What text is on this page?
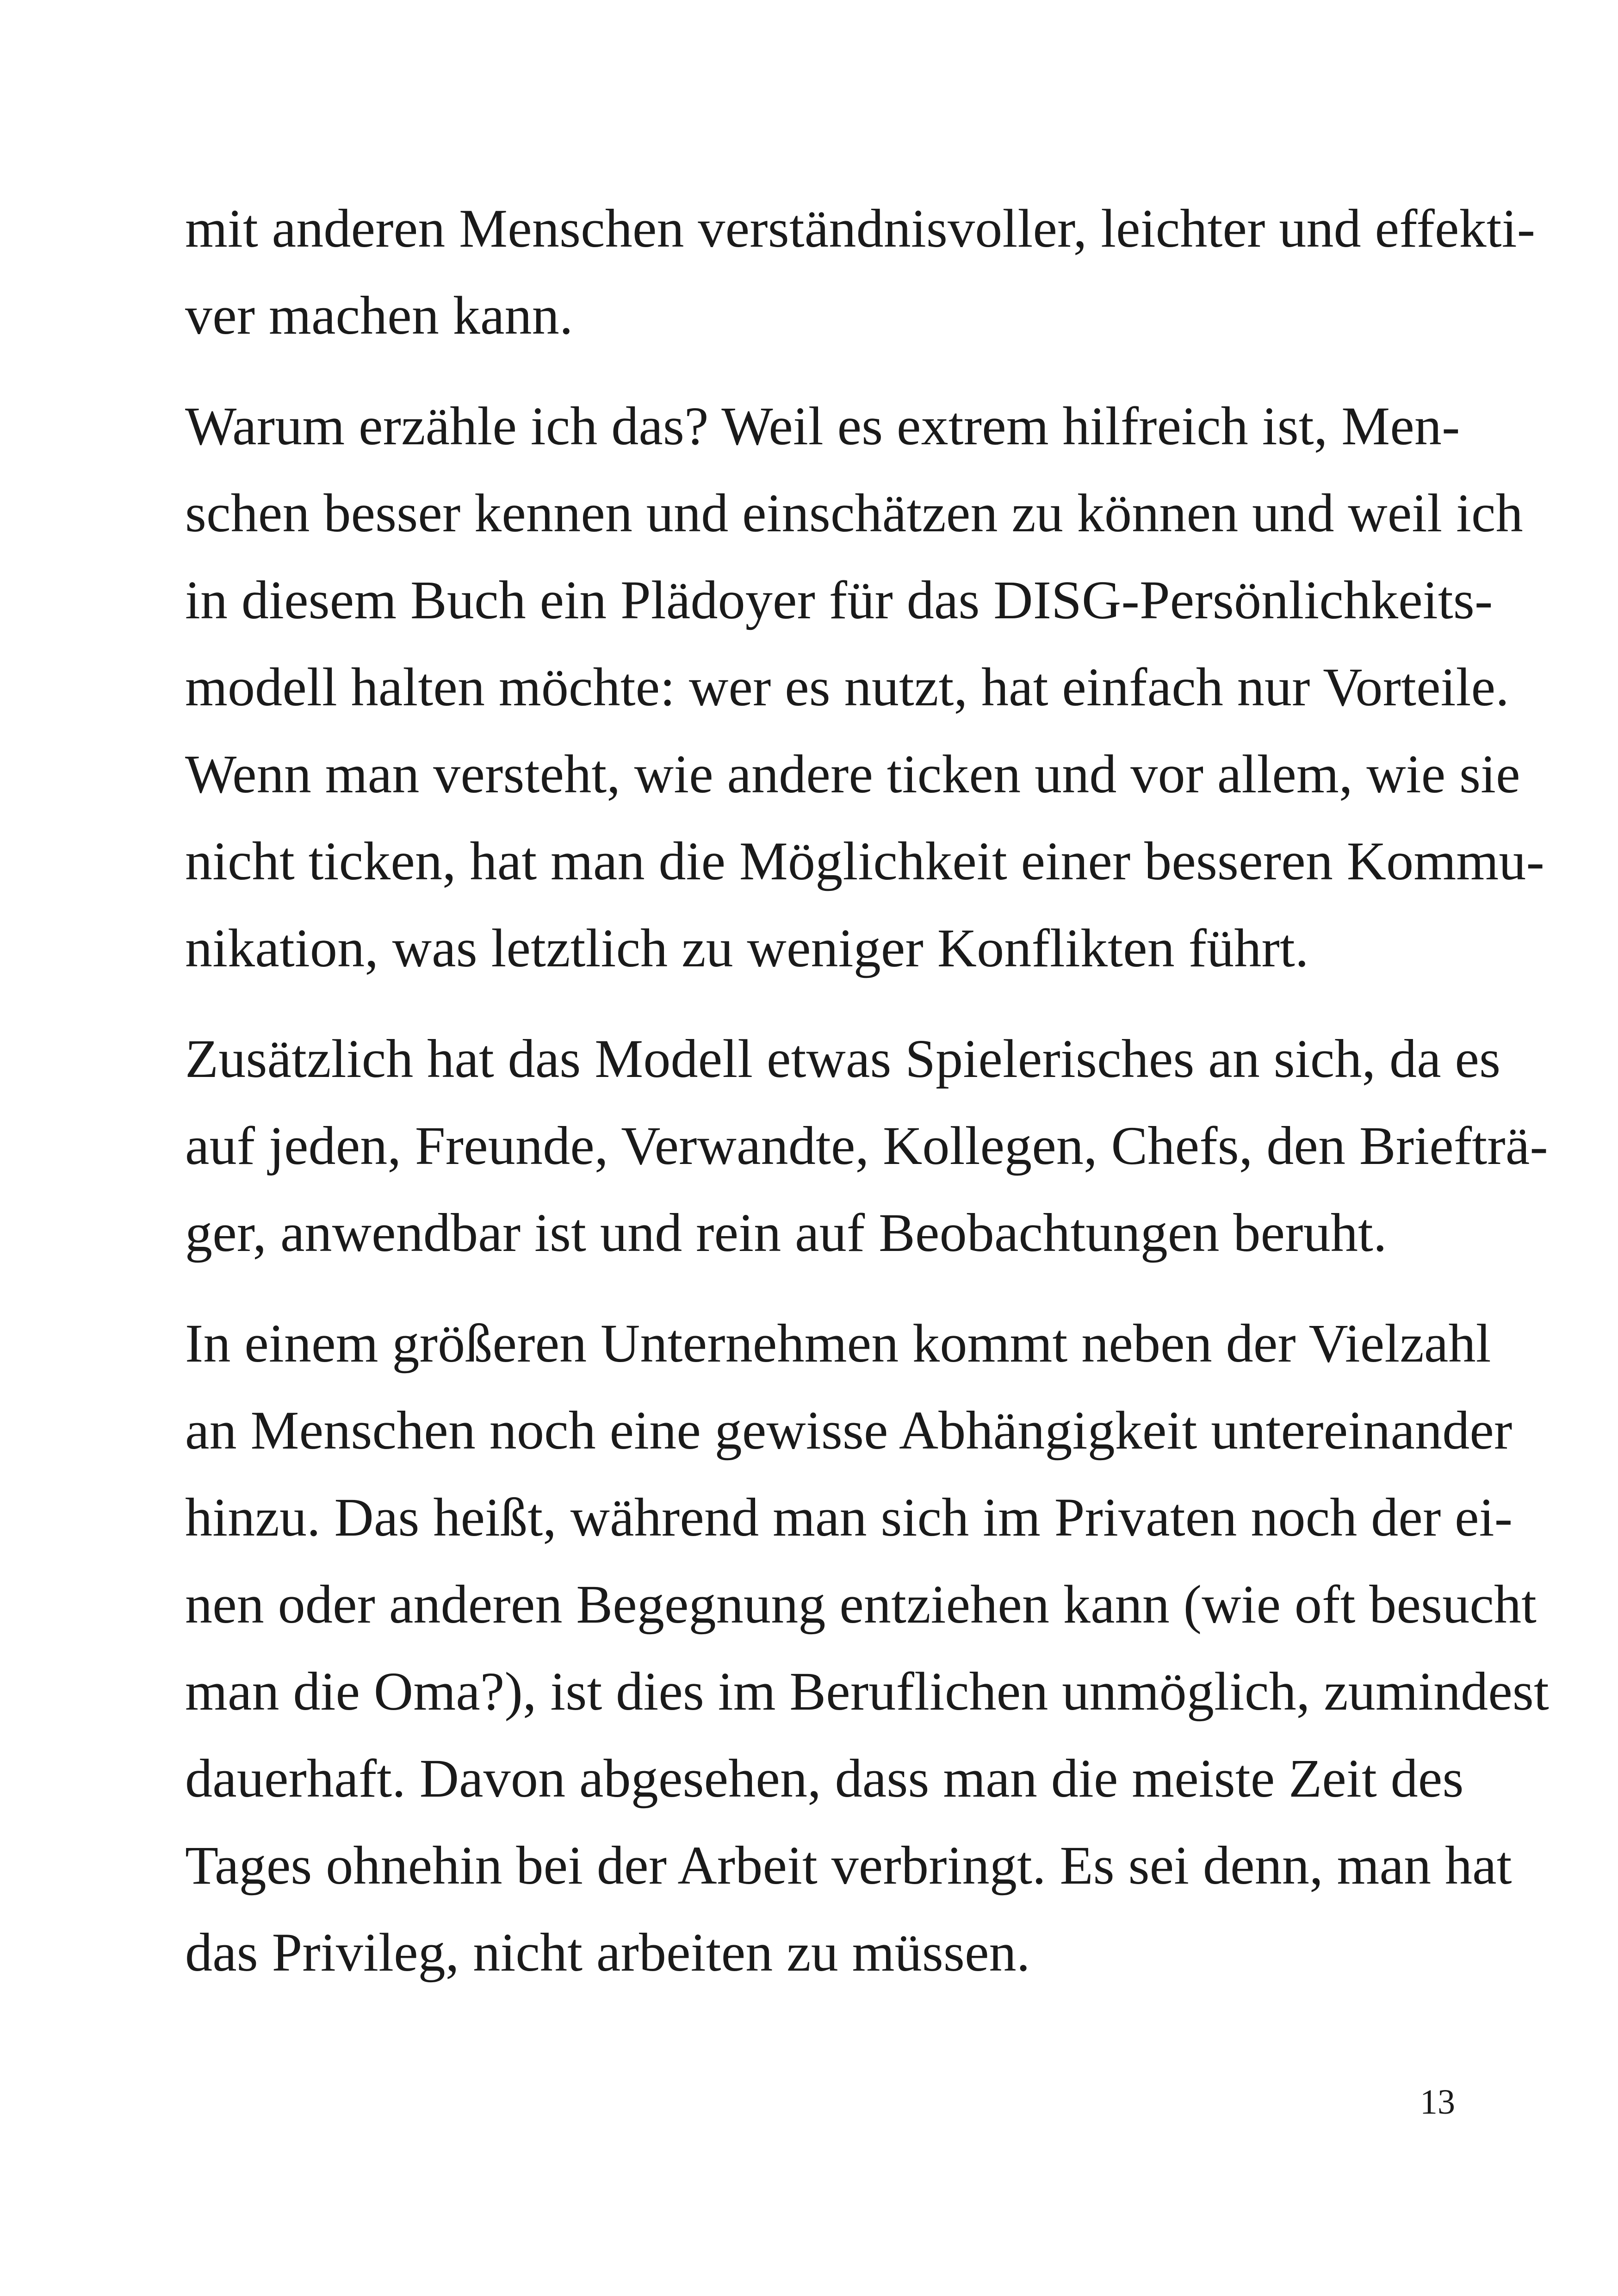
mit anderen Menschen verständnisvoller, leichter und effekti-
ver machen kann.
Warum erzähle ich das? Weil es extrem hilfreich ist, Men-
schen besser kennen und einschätzen zu können und weil ich
in diesem Buch ein Plädoyer für das DISG-Persönlichkeits-
modell halten möchte: wer es nutzt, hat einfach nur Vorteile.
Wenn man versteht, wie andere ticken und vor allem, wie sie
nicht ticken, hat man die Möglichkeit einer besseren Kommu-
nikation, was letztlich zu weniger Konflikten führt.
Zusätzlich hat das Modell etwas Spielerisches an sich, da es
auf jeden, Freunde, Verwandte, Kollegen, Chefs, den Briefträ-
ger, anwendbar ist und rein auf Beobachtungen beruht.
In einem größeren Unternehmen kommt neben der Vielzahl
an Menschen noch eine gewisse Abhängigkeit untereinander
hinzu. Das heißt, während man sich im Privaten noch der ei-
nen oder anderen Begegnung entziehen kann (wie oft besucht
man die Oma?), ist dies im Beruflichen unmöglich, zumindest
dauerhaft. Davon abgesehen, dass man die meiste Zeit des
Tages ohnehin bei der Arbeit verbringt. Es sei denn, man hat
das Privileg, nicht arbeiten zu müssen.
13
